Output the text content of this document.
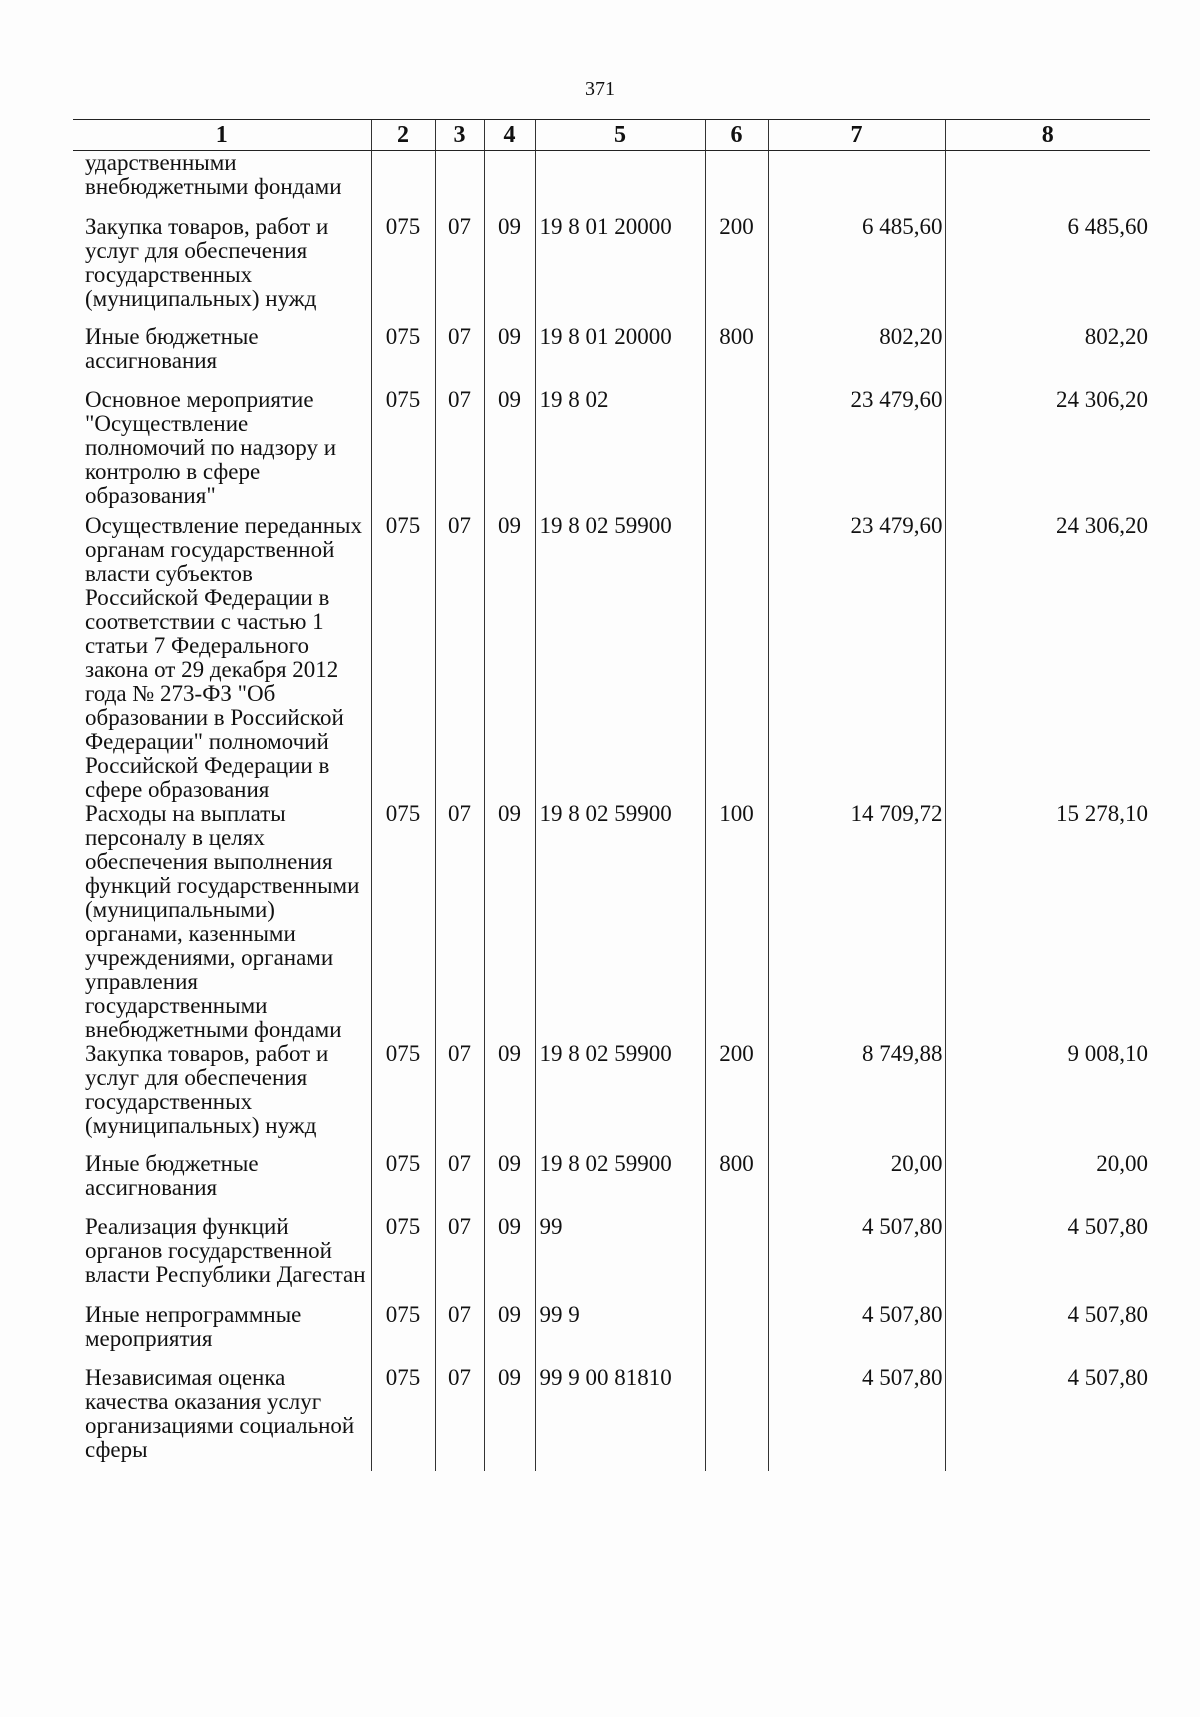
371
1	2	3	4	5	6	7	8

ударственными внебюджетными фондами							

Закупка товаров, работ и услуг для обеспечения государственных (муниципальных) нужд	075	07	09	19 8 01 20000	200	6 485,60	6 485,60

Иные бюджетные ассигнования	075	07	09	19 8 01 20000	800	802,20	802,20

Основное мероприятие "Осуществление полномочий по надзору и контролю в сфере образования"	075	07	09	19 8 02		23 479,60	24 306,20

Осуществление переданных органам государственной власти субъектов Российской Федерации в соответствии с частью 1 статьи 7 Федерального закона от 29 декабря 2012 года № 273-ФЗ "Об образовании в Российской Федерации" полномочий Российской Федерации в сфере образования	075	07	09	19 8 02 59900		23 479,60	24 306,20

Расходы на выплаты персоналу в целях обеспечения выполнения функций государственными (муниципальными) органами, казенными учреждениями, органами управления государственными внебюджетными фондами	075	07	09	19 8 02 59900	100	14 709,72	15 278,10

Закупка товаров, работ и услуг для обеспечения государственных (муниципальных) нужд	075	07	09	19 8 02 59900	200	8 749,88	9 008,10

Иные бюджетные ассигнования	075	07	09	19 8 02 59900	800	20,00	20,00

Реализация функций органов государственной власти Республики Дагестан	075	07	09	99		4 507,80	4 507,80

Иные непрограммные мероприятия	075	07	09	99 9		4 507,80	4 507,80

Независимая оценка качества оказания услуг организациями социальной сферы	075	07	09	99 9 00 81810		4 507,80	4 507,80
